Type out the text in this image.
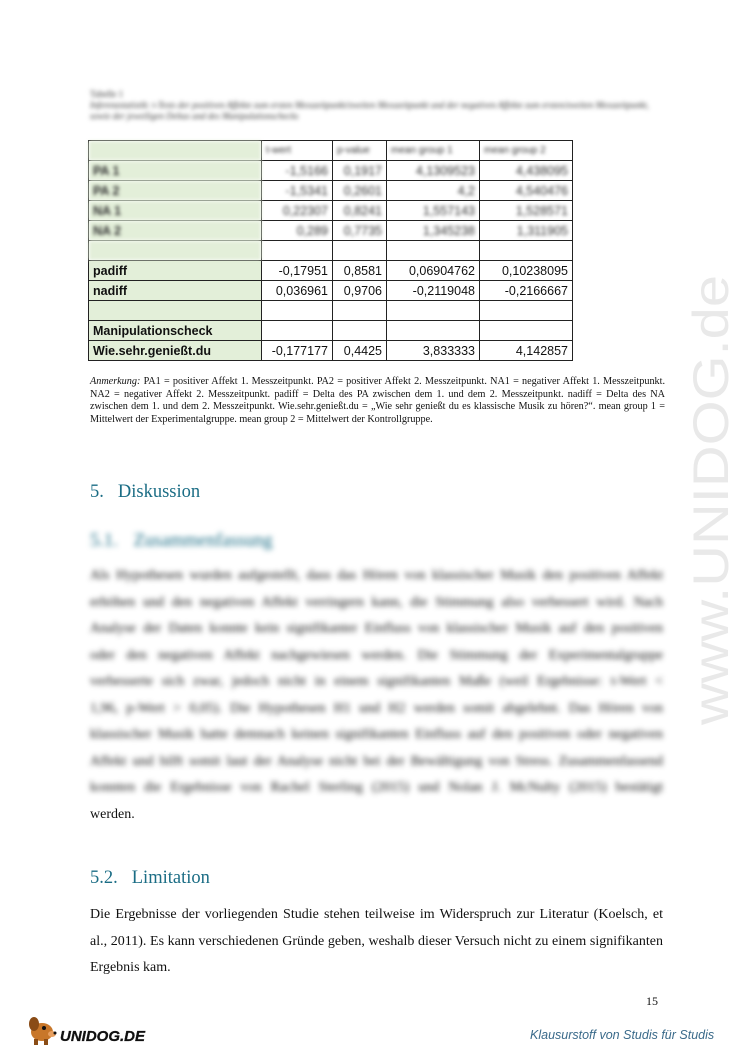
www.UNIDOG.de
Tabelle 1
Inferenzstatistik: t-Tests der positiven Affekte zum ersten Messzeitpunkt/zweiten Messzeitpunkt und der negativen Affekte zum ersten/zweiten Messzeitpunkt, sowie der jeweiligen Deltas und des Manipulationschecks
	t-wert	p-value	mean group 1	mean group 2
PA 1	-1,5166	0,1917	4,1309523	4,438095
PA 2	-1,5341	0,2601	4,2	4,540476
NA 1	0,22307	0,8241	1,557143	1,528571
NA 2	0,289	0,7735	1,345238	1,311905

padiff	-0,17951	0,8581	0,06904762	0,10238095
nadiff	0,036961	0,9706	-0,2119048	-0,2166667

Manipulationscheck				
Wie.sehr.genießt.du	-0,177177	0,4425	3,833333	4,142857
Anmerkung: PA1 = positiver Affekt 1. Messzeitpunkt. PA2 = positiver Affekt 2. Messzeitpunkt. NA1 = negativer Affekt 1. Messzeitpunkt. NA2 = negativer Affekt 2. Messzeitpunkt. padiff = Delta des PA zwischen dem 1. und dem 2. Messzeitpunkt. nadiff = Delta des NA zwischen dem 1. und dem 2. Messzeitpunkt. Wie.sehr.genießt.du = „Wie sehr genießt du es klassische Musik zu hören?“. mean group 1 = Mittelwert der Experimentalgruppe. mean group 2 = Mittelwert der Kontrollgruppe.
5. Diskussion
5.1. Zusammenfassung
Als Hypothesen wurden aufgestellt, dass das Hören von klassischer Musik den positiven Affekt
erhöhen und den negativen Affekt verringern kann, die Stimmung also verbessert wird. Nach
Analyse der Daten konnte kein signifikanter Einfluss von klassischer Musik auf den positiven
oder den negativen Affekt nachgewiesen werden. Die Stimmung der Experimentalgruppe
verbesserte sich zwar, jedoch nicht in einem signifikanten Maße (weil Ergebnisse: t-Wert <
1,96, p-Wert > 0,05). Die Hypothesen H1 und H2 werden somit abgelehnt. Das Hören von
klassischer Musik hatte demnach keinen signifikanten Einfluss auf den positiven oder negativen
Affekt und hilft somit laut der Analyse nicht bei der Bewältigung von Stress. Zusammenfassend
konnten die Ergebnisse von Rachel Sterling (2015) und Nolan J. McNulty (2015) bestätigt
werden.
5.2. Limitation
Die Ergebnisse der vorliegenden Studie stehen teilweise im Widerspruch zur Literatur (Koelsch, et al., 2011). Es kann verschiedenen Gründe geben, weshalb dieser Versuch nicht zu einem signifikanten Ergebnis kam.
15
UNIDOG.DE	Klausurstoff von Studis für Studis
